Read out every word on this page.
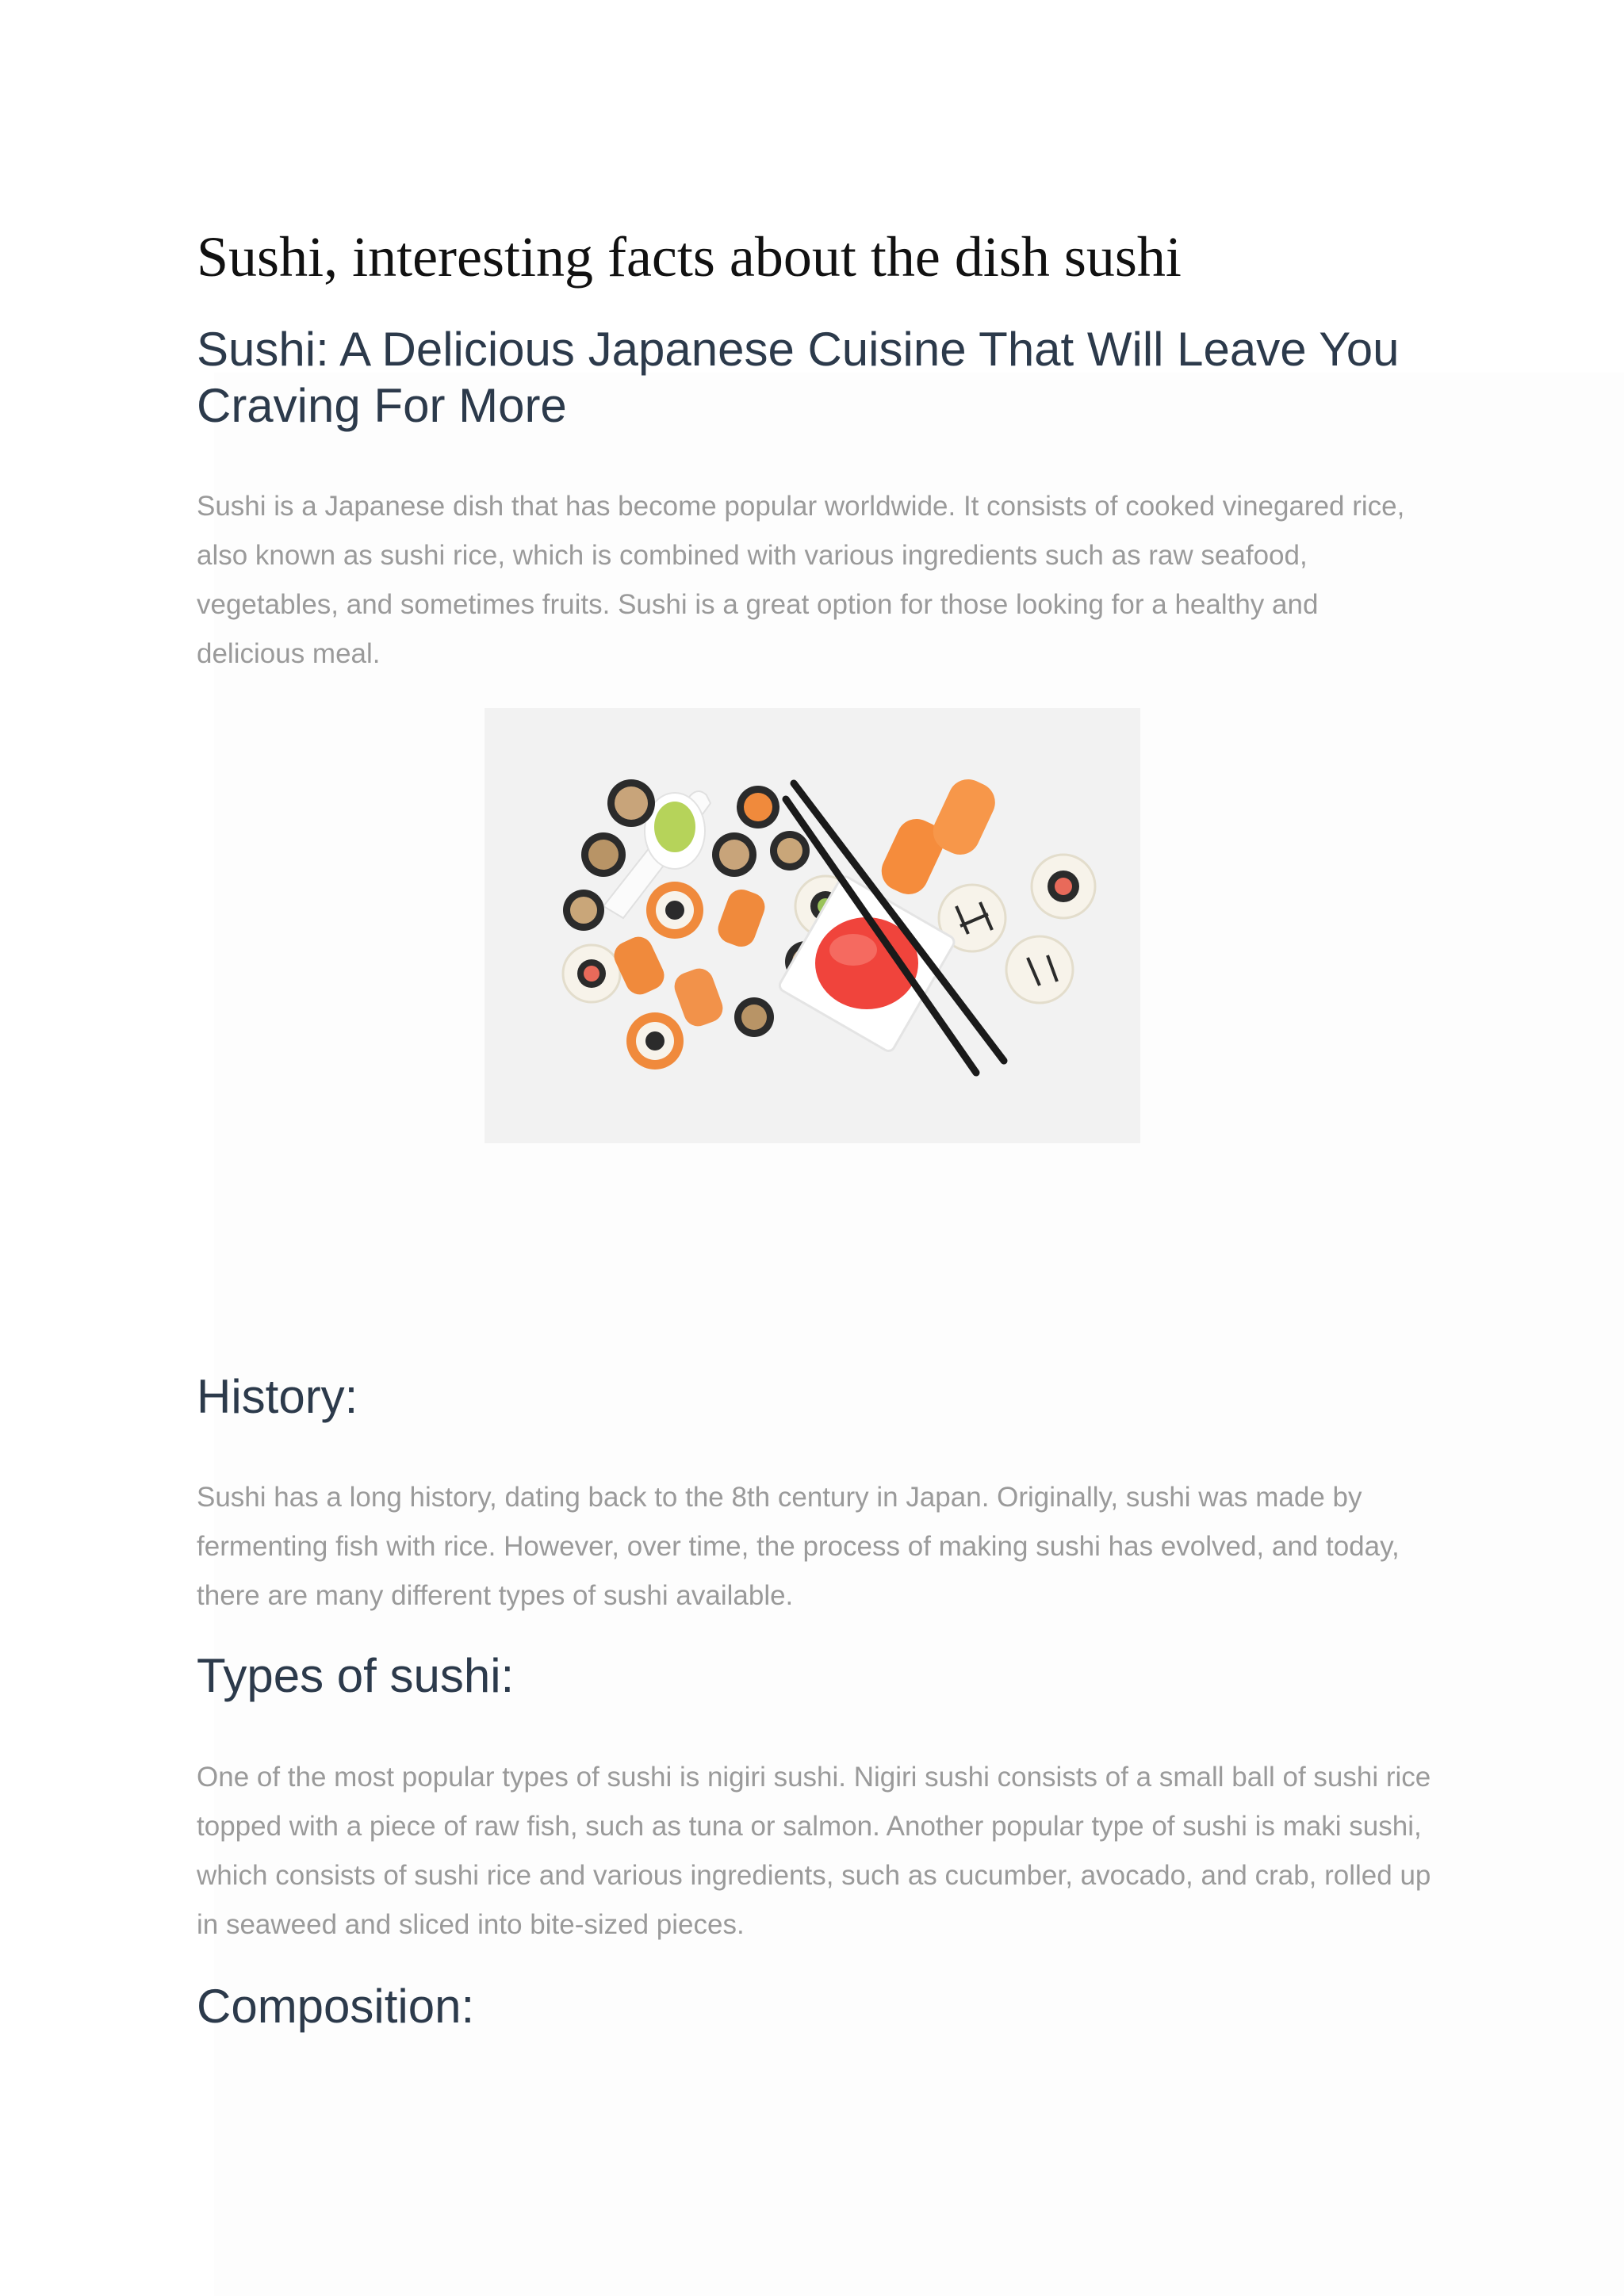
Sushi, interesting facts about the dish sushi
Sushi: A Delicious Japanese Cuisine That Will Leave You Craving For More
Sushi is a Japanese dish that has become popular worldwide. It consists of cooked vinegared rice, also known as sushi rice, which is combined with various ingredients such as raw seafood, vegetables, and sometimes fruits. Sushi is a great option for those looking for a healthy and delicious meal.
History:
Sushi has a long history, dating back to the 8th century in Japan. Originally, sushi was made by fermenting fish with rice. However, over time, the process of making sushi has evolved, and today, there are many different types of sushi available.
Types of sushi:
One of the most popular types of sushi is nigiri sushi. Nigiri sushi consists of a small ball of sushi rice topped with a piece of raw fish, such as tuna or salmon. Another popular type of sushi is maki sushi, which consists of sushi rice and various ingredients, such as cucumber, avocado, and crab, rolled up in seaweed and sliced into bite-sized pieces.
Composition:
